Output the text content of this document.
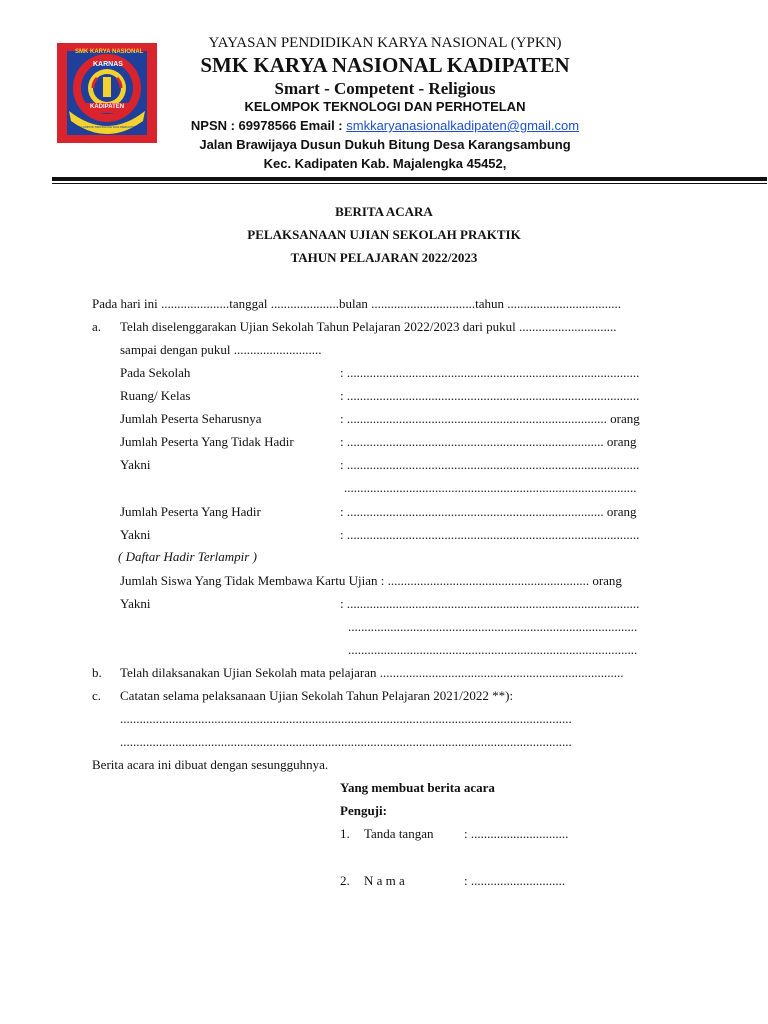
SMK KARYA NASIONAL
KARNAS
KADIPATEN
KELOMPOK TEKNOLOGI DAN PERHOTELAN
YAYASAN PENDIDIKAN KARYA NASIONAL (YPKN)
SMK KARYA NASIONAL KADIPATEN
Smart - Competent - Religious
KELOMPOK TEKNOLOGI DAN PERHOTELAN
NPSN : 69978566 Email : smkkaryanasionalkadipaten@gmail.com
Jalan Brawijaya Dusun Dukuh Bitung Desa Karangsambung
Kec. Kadipaten Kab. Majalengka 45452,
BERITA ACARA
PELAKSANAAN UJIAN SEKOLAH PRAKTIK
TAHUN PELAJARAN 2022/2023
Pada hari ini .....................tanggal .....................bulan ................................tahun ...................................
a. Telah diselenggarakan Ujian Sekolah Tahun Pelajaran 2022/2023 dari pukul ..............................
sampai dengan pukul ...........................
Pada Sekolah	: ..........................................................................................
Ruang/ Kelas	: ..........................................................................................
Jumlah Peserta Seharusnya	: ................................................................................ orang
Jumlah Peserta Yang Tidak Hadir	: ............................................................................... orang
Yakni	: ..........................................................................................
..........................................................................................
Jumlah Peserta Yang Hadir	: ............................................................................... orang
Yakni	: ..........................................................................................
( Daftar Hadir Terlampir )
Jumlah Siswa Yang Tidak Membawa Kartu Ujian : .............................................................. orang
Yakni	: ..........................................................................................
.........................................................................................
.........................................................................................
b. Telah dilaksanakan Ujian Sekolah mata pelajaran ...........................................................................
c. Catatan selama pelaksanaan Ujian Sekolah Tahun Pelajaran 2021/2022 **):
...........................................................................................................................................
...........................................................................................................................................
Berita acara ini dibuat dengan sesungguhnya.
Yang membuat berita acara
Penguji:
1. Tanda tangan : ..............................
2. N a m a	: .............................
